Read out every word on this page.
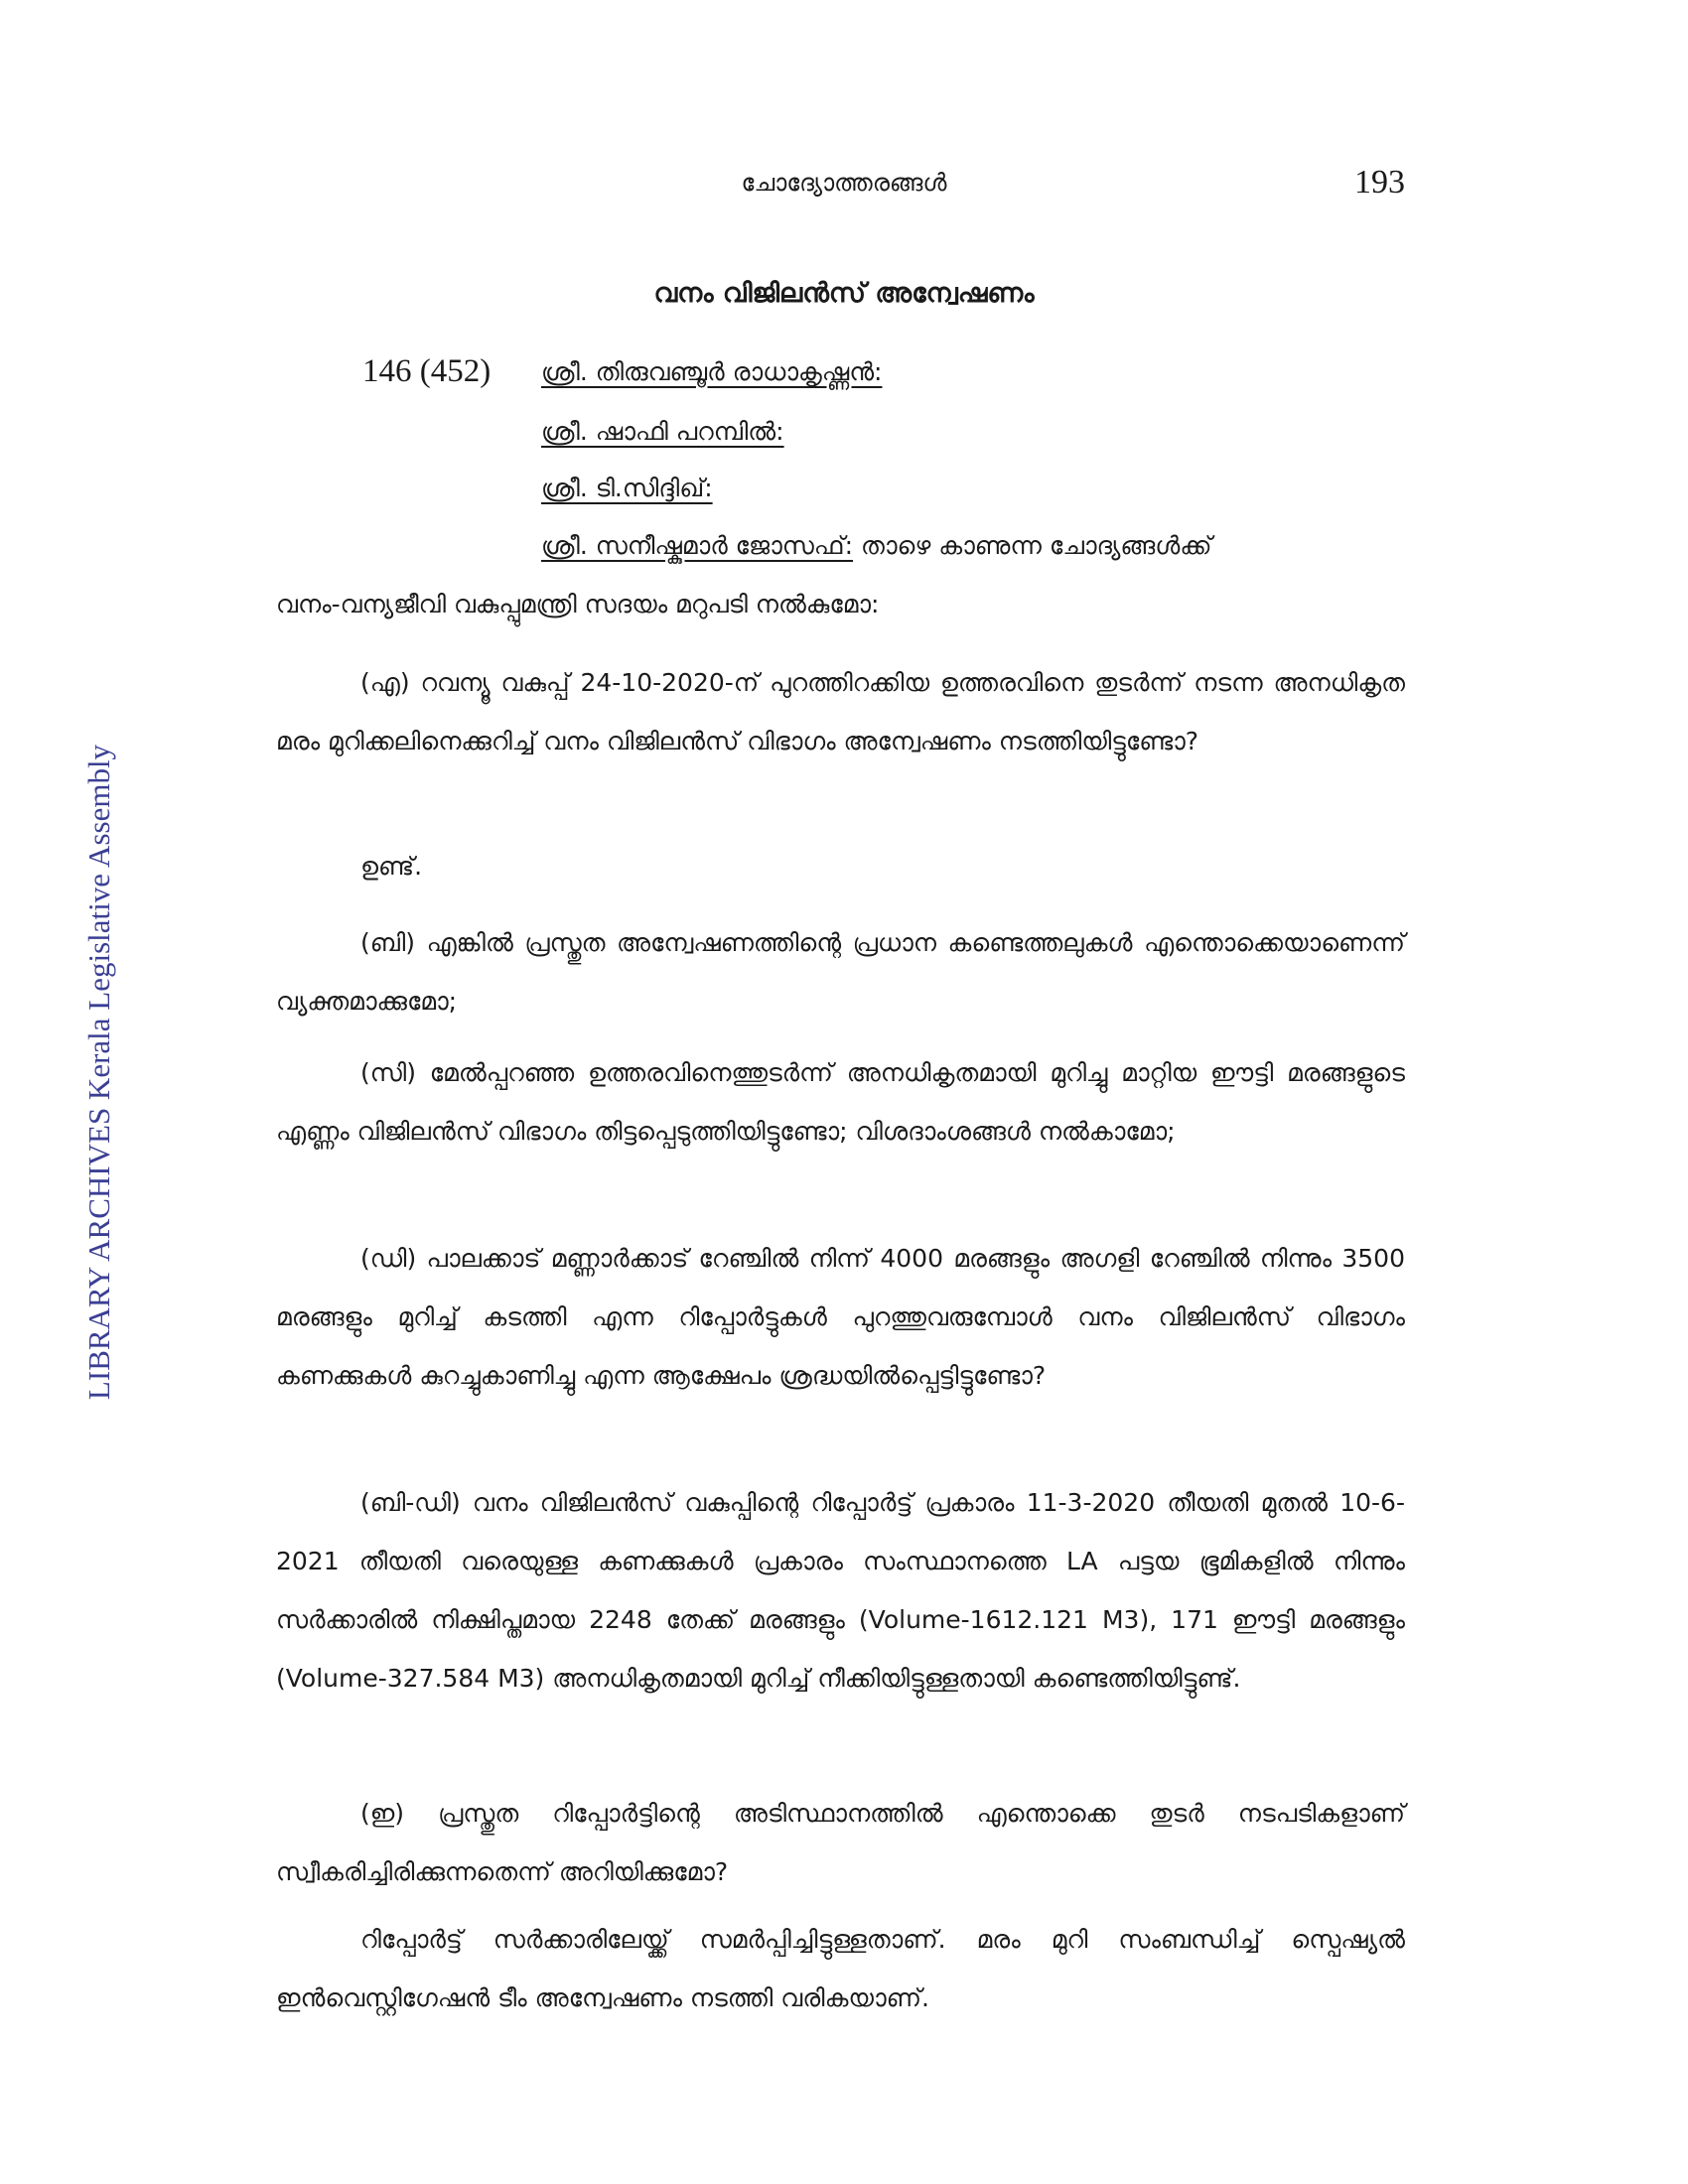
LIBRARY ARCHIVES Kerala Legislative Assembly
ചോദ്യോത്തരങ്ങൾ	193
വനം വിജിലൻസ് അന്വേഷണം
146 (452) ശ്രീ. തിരുവഞ്ചൂർ രാധാകൃഷ്ണൻ:
ശ്രീ. ഷാഫി പറമ്പിൽ:
ശ്രീ. ടി.സിദ്ദിഖ്:
ശ്രീ. സനീഷ്കുമാർ ജോസഫ്: താഴെ കാണുന്ന ചോദ്യങ്ങൾക്ക്
വനം-വന്യജീവി വകുപ്പുമന്ത്രി സദയം മറുപടി നൽകുമോ:
(എ) റവന്യൂ വകുപ്പ് 24-10-2020-ന് പുറത്തിറക്കിയ ഉത്തരവിനെ തുടർന്ന് നടന്ന അനധികൃത മരം മുറിക്കലിനെക്കുറിച്ച് വനം വിജിലൻസ് വിഭാഗം അന്വേഷണം നടത്തിയിട്ടുണ്ടോ?
ഉണ്ട്.
(ബി) എങ്കിൽ പ്രസ്തുത അന്വേഷണത്തിന്റെ പ്രധാന കണ്ടെത്തലുകൾ എന്തൊക്കെയാണെന്ന് വ്യക്തമാക്കുമോ;
(സി) മേൽപ്പറഞ്ഞ ഉത്തരവിനെത്തുടർന്ന് അനധികൃതമായി മുറിച്ചു മാറ്റിയ ഈട്ടി മരങ്ങളുടെ എണ്ണം വിജിലൻസ് വിഭാഗം തിട്ടപ്പെടുത്തിയിട്ടുണ്ടോ; വിശദാംശങ്ങൾ നൽകാമോ;
(ഡി) പാലക്കാട് മണ്ണാർക്കാട് റേഞ്ചിൽ നിന്ന് 4000 മരങ്ങളും അഗളി റേഞ്ചിൽ നിന്നും 3500 മരങ്ങളും മുറിച്ച് കടത്തി എന്ന റിപ്പോർട്ടുകൾ പുറത്തുവരുമ്പോൾ വനം വിജിലൻസ് വിഭാഗം കണക്കുകൾ കുറച്ചുകാണിച്ചു എന്ന ആക്ഷേപം ശ്രദ്ധയിൽപ്പെട്ടിട്ടുണ്ടോ?
(ബി-ഡി) വനം വിജിലൻസ് വകുപ്പിന്റെ റിപ്പോർട്ട് പ്രകാരം 11-3-2020 തീയതി മുതൽ 10-6-2021 തീയതി വരെയുള്ള കണക്കുകൾ പ്രകാരം സംസ്ഥാനത്തെ LA പട്ടയ ഭൂമികളിൽ നിന്നും സർക്കാരിൽ നിക്ഷിപ്തമായ 2248 തേക്ക് മരങ്ങളും (Volume-1612.121 M3), 171 ഈട്ടി മരങ്ങളും (Volume-327.584 M3) അനധികൃതമായി മുറിച്ച് നീക്കിയിട്ടുള്ളതായി കണ്ടെത്തിയിട്ടുണ്ട്.
(ഇ) പ്രസ്തുത റിപ്പോർട്ടിന്റെ അടിസ്ഥാനത്തിൽ എന്തൊക്കെ തുടർ നടപടികളാണ് സ്വീകരിച്ചിരിക്കുന്നതെന്ന് അറിയിക്കുമോ?
റിപ്പോർട്ട് സർക്കാരിലേയ്ക്ക് സമർപ്പിച്ചിട്ടുള്ളതാണ്. മരം മുറി സംബന്ധിച്ച് സ്പെഷ്യൽ ഇൻവെസ്റ്റിഗേഷൻ ടീം അന്വേഷണം നടത്തി വരികയാണ്.
